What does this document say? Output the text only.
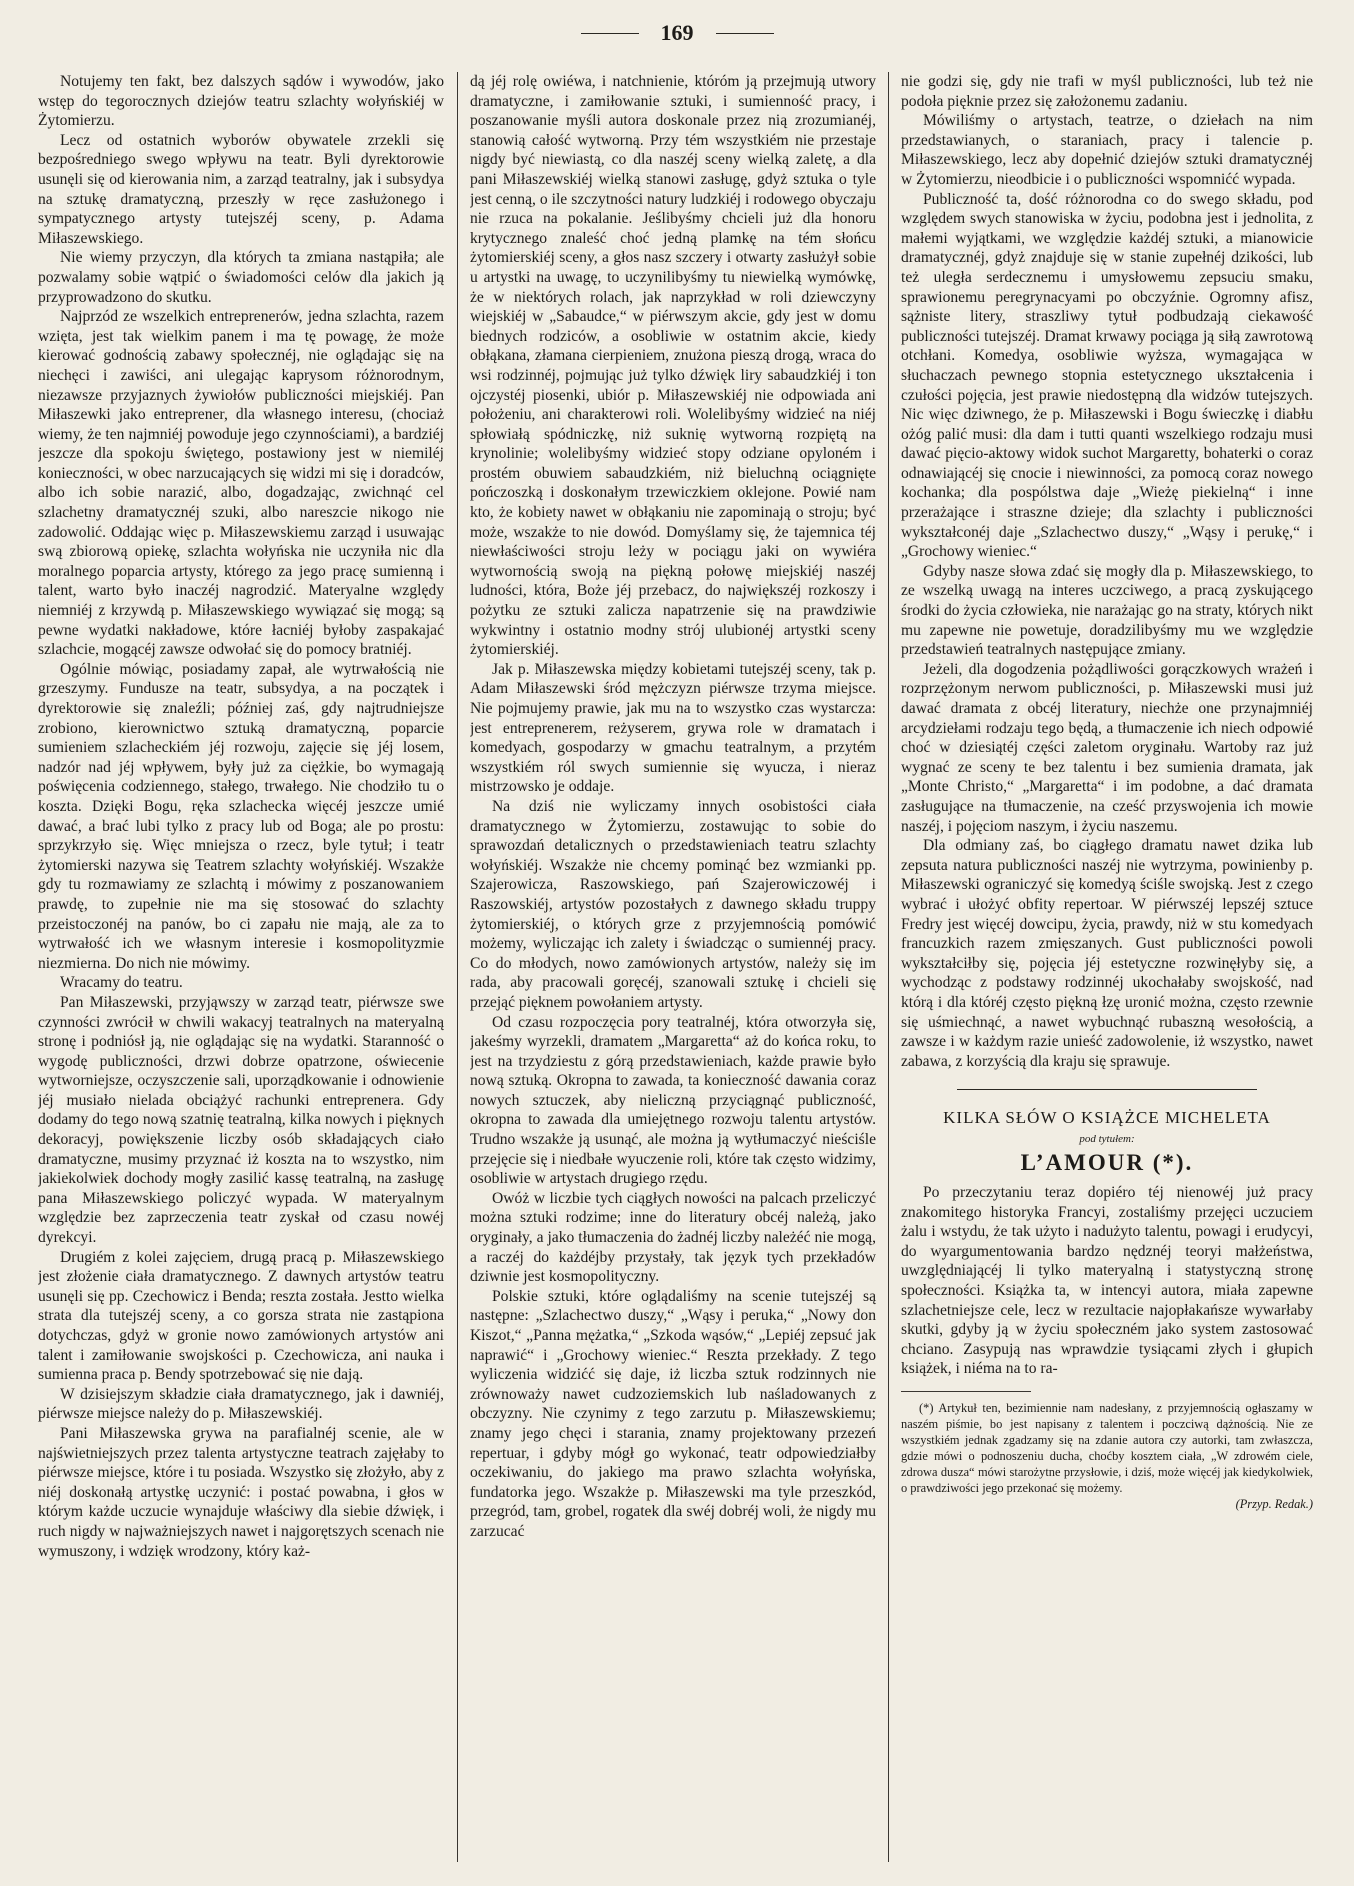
169

Notujemy ten fakt, bez dalszych sądów i wywodów, jako wstęp do tegorocznych dziejów teatru szlachty wołyńskiéj w Żytomierzu.

Lecz od ostatnich wyborów obywatele zrzekli się bezpośredniego swego wpływu na teatr. Byli dyrektorowie usunęli się od kierowania nim, a zarząd teatralny, jak i subsydya na sztukę dramatyczną, przeszły w ręce zasłużonego i sympatycznego artysty tutejszéj sceny, p. Adama Miłaszewskiego.

Nie wiemy przyczyn, dla których ta zmiana nastąpiła; ale pozwalamy sobie wątpić o świadomości celów dla jakich ją przyprowadzono do skutku.

Najprzód ze wszelkich entreprenerów, jedna szlachta, razem wzięta, jest tak wielkim panem i ma tę powagę, że może kierować godnością zabawy społecznéj, nie oglądając się na niechęci i zawiści, ani ulegając kaprysom różnorodnym, niezawsze przyjaznych żywiołów publiczności miejskiéj. Pan Miłaszewki jako entreprener, dla własnego interesu, (chociaż wiemy, że ten najmniéj powoduje jego czynnościami), a bardziéj jeszcze dla spokoju świętego, postawiony jest w niemiléj konieczności, w obec narzucających się widzi mi się i doradców, albo ich sobie narazić, albo, dogadzając, zwichnąć cel szlachetny dramatycznéj szuki, albo nareszcie nikogo nie zadowolić. Oddając więc p. Miłaszewskiemu zarząd i usuwając swą zbiorową opiekę, szlachta wołyńska nie uczyniła nic dla moralnego poparcia artysty, którego za jego pracę sumienną i talent, warto było inaczéj nagrodzić. Materyalne względy niemniéj z krzywdą p. Miłaszewskiego wywiązać się mogą; są pewne wydatki nakładowe, które łacniéj byłoby zaspakajać szlachcie, mogącéj zawsze odwołać się do pomocy bratniéj.

Ogólnie mówiąc, posiadamy zapał, ale wytrwałością nie grzeszymy. Fundusze na teatr, subsydya, a na początek i dyrektorowie się znaleźli; później zaś, gdy najtrudniejsze zrobiono, kierownictwo sztuką dramatyczną, poparcie sumieniem szlacheckiém jéj rozwoju, zajęcie się jéj losem, nadzór nad jéj wpływem, były już za ciężkie, bo wymagają poświęcenia codziennego, stałego, trwałego. Nie chodziło tu o koszta. Dzięki Bogu, ręka szlachecka więcéj jeszcze umié dawać, a brać lubi tylko z pracy lub od Boga; ale po prostu: sprzykrzyło się. Więc mniejsza o rzecz, byle tytuł; i teatr żytomierski nazywa się Teatrem szlachty wołyńskiéj. Wszakże gdy tu rozmawiamy ze szlachtą i mówimy z poszanowaniem prawdę, to zupełnie nie ma się stosować do szlachty przeistoczonéj na panów, bo ci zapału nie mają, ale za to wytrwałość ich we własnym interesie i kosmopolityzmie niezmierna. Do nich nie mówimy.

Wracamy do teatru.

Pan Miłaszewski, przyjąwszy w zarząd teatr, piérwsze swe czynności zwrócił w chwili wakacyj teatralnych na materyalną stronę i podniósł ją, nie oglądając się na wydatki. Staranność o wygodę publiczności, drzwi dobrze opatrzone, oświecenie wytworniejsze, oczyszczenie sali, uporządkowanie i odnowienie jéj musiało nieladа obciążyć rachunki entreprenera. Gdy dodamy do tego nową szatnię teatralną, kilka nowych i pięknych dekoracyj, powiększenie liczby osób składających ciało dramatyczne, musimy przyznać iż koszta na to wszystko, nim jakiekolwiek dochody mogły zasilić kassę teatralną, na zasługę pana Miłaszewskiego policzyć wypada. W materyalnym względzie bez zaprzeczenia teatr zyskał od czasu nowéj dyrekcyi.

Drugiém z kolei zajęciem, drugą pracą p. Miłaszewskiego jest złożenie ciała dramatycznego. Z dawnych artystów teatru usunęli się pp. Czechowicz i Benda; reszta została. Jestto wielka strata dla tutejszéj sceny, a co gorsza strata nie zastąpiona dotychczas, gdyż w gronie nowo zamówionych artystów ani talent i zamiłowanie swojskości p. Czechowicza, ani nauka i sumienna praca p. Bendy spotrzebować się nie dają.

W dzisiejszym składzie ciała dramatycznego, jak i dawniéj, piérwsze miejsce należy do p. Miłaszewskiéj.

Pani Miłaszewska grywa na parafialnéj scenie, ale w najświetniejszych przez talenta artystyczne teatrach zajęłaby to piérwsze miejsce, które i tu posiada. Wszystko się złożyło, aby z niéj doskonałą artystkę uczynić: i postać powabna, i głos w którym każde uczucie wynajduje właściwy dla siebie dźwięk, i ruch nigdy w najważniejszych nawet i najgorętszych scenach nie wymuszony, i wdzięk wrodzony, który każ-

dą jéj rolę owiéwa, i natchnienie, któróm ją przejmują utwory dramatyczne, i zamiłowanie sztuki, i sumienność pracy, i poszanowanie myśli autora doskonale przez nią zrozumianéj, stanowią całość wytworną. Przy tém wszystkiém nie przestaje nigdy być niewiastą, co dla naszéj sceny wielką zaletę, a dla pani Miłaszewskiéj wielką stanowi zasługę, gdyż sztuka o tyle jest cenną, o ile szczytności natury ludzkiéj i rodowego obyczaju nie rzuca na pokalanie. Jeślibyśmy chcieli już dla honoru krytycznego znaleść choć jedną plamkę na tém słońcu żytomierskiéj sceny, a głos nasz szczery i otwarty zasłużył sobie u artystki na uwagę, to uczynilibyśmy tu niewielką wymówkę, że w niektórych rolach, jak naprzykład w roli dziewczyny wiejskiéj w „Sabaudce,“ w piérwszym akcie, gdy jest w domu biednych rodziców, a osobliwie w ostatnim akcie, kiedy obłąkana, złamana cierpieniem, znużona pieszą drogą, wraca do wsi rodzinnéj, pojmując już tylko dźwięk liry sabaudzkiéj i ton ojczystéj piosenki, ubiór p. Miłaszewskiéj nie odpowiada ani położeniu, ani charakterowi roli. Wolelibyśmy widzieć na niéj spłowiałą spódniczkę, niż suknię wytworną rozpiętą na krynolinie; wolelibyśmy widzieć stopy odziane opyloném i prostém obuwiem sabaudzkiém, niż bieluchną ociągnięte pończoszką i doskonałym trzewiczkiem oklejone. Powié nam kto, że kobiety nawet w obłąkaniu nie zapominają o stroju; być może, wszakże to nie dowód. Domyślamy się, że tajemnica téj niewłaściwości stroju leży w pociągu jaki on wywiéra wytwornością swoją na piękną połowę miejskiéj naszéj ludności, która, Boże jéj przebacz, do największéj rozkoszy i pożytku ze sztuki zalicza napatrzenie się na prawdziwie wykwintny i ostatnio modny strój ulubionéj artystki sceny żytomierskiéj.

Jak p. Miłaszewska między kobietami tutejszéj sceny, tak p. Adam Miłaszewski śród mężczyzn piérwsze trzyma miejsce. Nie pojmujemy prawie, jak mu na to wszystko czas wystarcza: jest entreprenerem, reżyserem, grywa role w dramatach i komedyach, gospodarzy w gmachu teatralnym, a przytém wszystkiém ról swych sumiennie się wyucza, i nieraz mistrzowsko je oddaje.

Na dziś nie wyliczamy innych osobistości ciała dramatycznego w Żytomierzu, zostawując to sobie do sprawozdań detalicznych o przedstawieniach teatru szlachty wołyńskiéj. Wszakże nie chcemy pominąć bez wzmianki pp. Szajerowicza, Raszowskiego, pań Szajerowiczowéj i Raszowskiéj, artystów pozostałych z dawnego składu truppy żytomierskiéj, o których grze z przyjemnością pomówić możemy, wyliczając ich zalety i świadcząc o sumiennéj pracy. Co do młodych, nowo zamówionych artystów, należy się im rada, aby pracowali goręcéj, szanowali sztukę i chcieli się przejąć pięknem powołaniem artysty.

Od czasu rozpoczęcia pory teatralnéj, która otworzyła się, jakeśmy wyrzekli, dramatem „Margaretta“ aż do końca roku, to jest na trzydziestu z górą przedstawieniach, każde prawie było nową sztuką. Okropna to zawada, ta konieczność dawania coraz nowych sztuczek, aby nieliczną przyciągnąć publiczność, okropna to zawada dla umiejętnego rozwoju talentu artystów. Trudno wszakże ją usunąć, ale można ją wytłumaczyć nieściśle przejęcie się i niedbałe wyuczenie roli, które tak często widzimy, osobliwie w artystach drugiego rzędu.

Owóż w liczbie tych ciągłych nowości na palcach przeliczyć można sztuki rodzime; inne do literatury obcéj należą, jako oryginały, a jako tłumaczenia do żadnéj liczby należéć nie mogą, a raczéj do każdéjby przystały, tak język tych przekładów dziwnie jest kosmopolityczny.

Polskie sztuki, które oglądaliśmy na scenie tutejszéj są następne: „Szlachectwo duszy,“ „Wąsy i peruka,“ „Nowy don Kiszot,“ „Panna mężatka,“ „Szkoda wąsów,“ „Lepiéj zepsuć jak naprawić“ i „Grochowy wieniec.“ Reszta przekłady. Z tego wyliczenia widzićć się daje, iż liczba sztuk rodzinnych nie zrównoważy nawet cudzoziemskich lub naśladowanych z obczyzny. Nie czynimy z tego zarzutu p. Miłaszewskiemu; znamy jego chęci i starania, znamy projektowany przezeń repertuar, i gdyby mógł go wykonać, teatr odpowiedziałby oczekiwaniu, do jakiego ma prawo szlachta wołyńska, fundatorka jego. Wszakże p. Miłaszewski ma tyle przeszkód, przegród, tam, grobel, rogatek dla swéj dobréj woli, że nigdy mu zarzucać

nie godzi się, gdy nie trafi w myśl publiczności, lub też nie podoła pięknie przez się założonemu zadaniu.

Mówiliśmy o artystach, teatrze, o dziełach na nim przedstawianych, o staraniach, pracy i talencie p. Miłaszewskiego, lecz aby dopełnić dziejów sztuki dramatycznéj w Żytomierzu, nieodbicie i o publiczności wspomnićć wypada.

Publiczność ta, dość różnorodna co do swego składu, pod względem swych stanowiska w życiu, podobna jest i jednolita, z małemi wyjątkami, we względzie każdéj sztuki, a mianowicie dramatycznéj, gdyż znajduje się w stanie zupełnéj dzikości, lub też uległa serdecznemu i umysłowemu zepsuciu smaku, sprawionemu peregrynacyami po obczyźnie. Ogromny afisz, sążniste litery, straszliwy tytuł podbudzają ciekawość publiczności tutejszéj. Dramat krwawy pociąga ją siłą zawrotową otchłani. Komedya, osobliwie wyższa, wymagająca w słuchaczach pewnego stopnia estetycznego ukształcenia i czułości pojęcia, jest prawie niedostępną dla widzów tutejszych. Nic więc dziwnego, że p. Miłaszewski i Bogu świeczkę i diabłu ożóg palić musi: dla dam i tutti quanti wszelkiego rodzaju musi dawać pięcio-aktowy widok suchot Margaretty, bohaterki o coraz odnawiającéj się cnocie i niewinności, za pomocą coraz nowego kochanka; dla pospólstwa daje „Wieżę piekielną“ i inne przerażające i straszne dzieje; dla szlachty i publiczności wykształconéj daje „Szlachectwo duszy,“ „Wąsy i perukę,“ i „Grochowy wieniec.“

Gdyby nasze słowa zdać się mogły dla p. Miłaszewskiego, to ze wszelką uwagą na interes uczciwego, a pracą zyskującego środki do życia człowieka, nie narażając go na straty, których nikt mu zapewne nie powetuje, doradzilibyśmy mu we względzie przedstawień teatralnych następujące zmiany.

Jeżeli, dla dogodzenia pożądliwości gorączkowych wrażeń i rozprzężonym nerwom publiczności, p. Miłaszewski musi już dawać dramata z obcéj literatury, niechże one przynajmniéj arcydziełami rodzaju tego będą, a tłumaczenie ich niech odpowié choć w dziesiątéj części zaletom oryginału. Wartoby raz już wygnać ze sceny te bez talentu i bez sumienia dramata, jak „Monte Christo,“ „Margaretta“ i im podobne, a dać dramata zasługujące na tłumaczenie, na cześć przyswojenia ich mowie naszéj, i pojęciom naszym, i życiu naszemu.

Dla odmiany zaś, bo ciągłego dramatu nawet dzika lub zepsuta natura publiczności naszéj nie wytrzyma, powinienby p. Miłaszewski ograniczyć się komedyą ściśle swojską. Jest z czego wybrać i ułożyć obfity repertoar. W piérwszéj lepszéj sztuce Fredry jest więcéj dowcipu, życia, prawdy, niż w stu komedyach francuzkich razem zmięszanych. Gust publiczności powoli wykształciłby się, pojęcia jéj estetyczne rozwinęłyby się, a wychodząc z podstawy rodzinnéj ukochałaby swojskość, nad którą i dla któréj często piękną łzę uronić można, często rzewnie się uśmiechnąć, a nawet wybuchnąć rubaszną wesołością, a zawsze i w każdym razie unieść zadowolenie, iż wszystko, nawet zabawa, z korzyścią dla kraju się sprawuje.

KILKA SŁÓW O KSIĄŻCE MICHELETA
pod tytułem:
L’AMOUR (*).

Po przeczytaniu teraz dopiéro téj nienowéj już pracy znakomitego historyka Francyi, zostaliśmy przejęci uczuciem żalu i wstydu, że tak użyto i nadużyto talentu, powagi i erudycyi, do wyargumentowania bardzo nędznéj teoryi małżeństwa, uwzględniającéj li tylko materyalną i statystyczną stronę społeczności. Książka ta, w intencyi autora, miała zapewne szlachetniejsze cele, lecz w rezultacie najopłakańsze wywarłaby skutki, gdyby ją w życiu społeczném jako system zastosować chciano. Zasypują nas wprawdzie tysiącami złych i głupich książek, i niéma na to ra-

(*) Artykuł ten, bezimiennie nam nadesłany, z przyjemnością ogłaszamy w naszém piśmie, bo jest napisany z talentem i poczciwą dążnością. Nie ze wszystkiém jednak zgadzamy się na zdanie autora czy autorki, tam zwłaszcza, gdzie mówi o podnoszeniu ducha, choćby kosztem ciała, „W zdrowém ciele, zdrowa dusza“ mówi starożytne przysłowie, i dziś, może więcéj jak kiedykolwiek, o prawdziwości jego przekonać się możemy.
(Przyp. Redak.)
